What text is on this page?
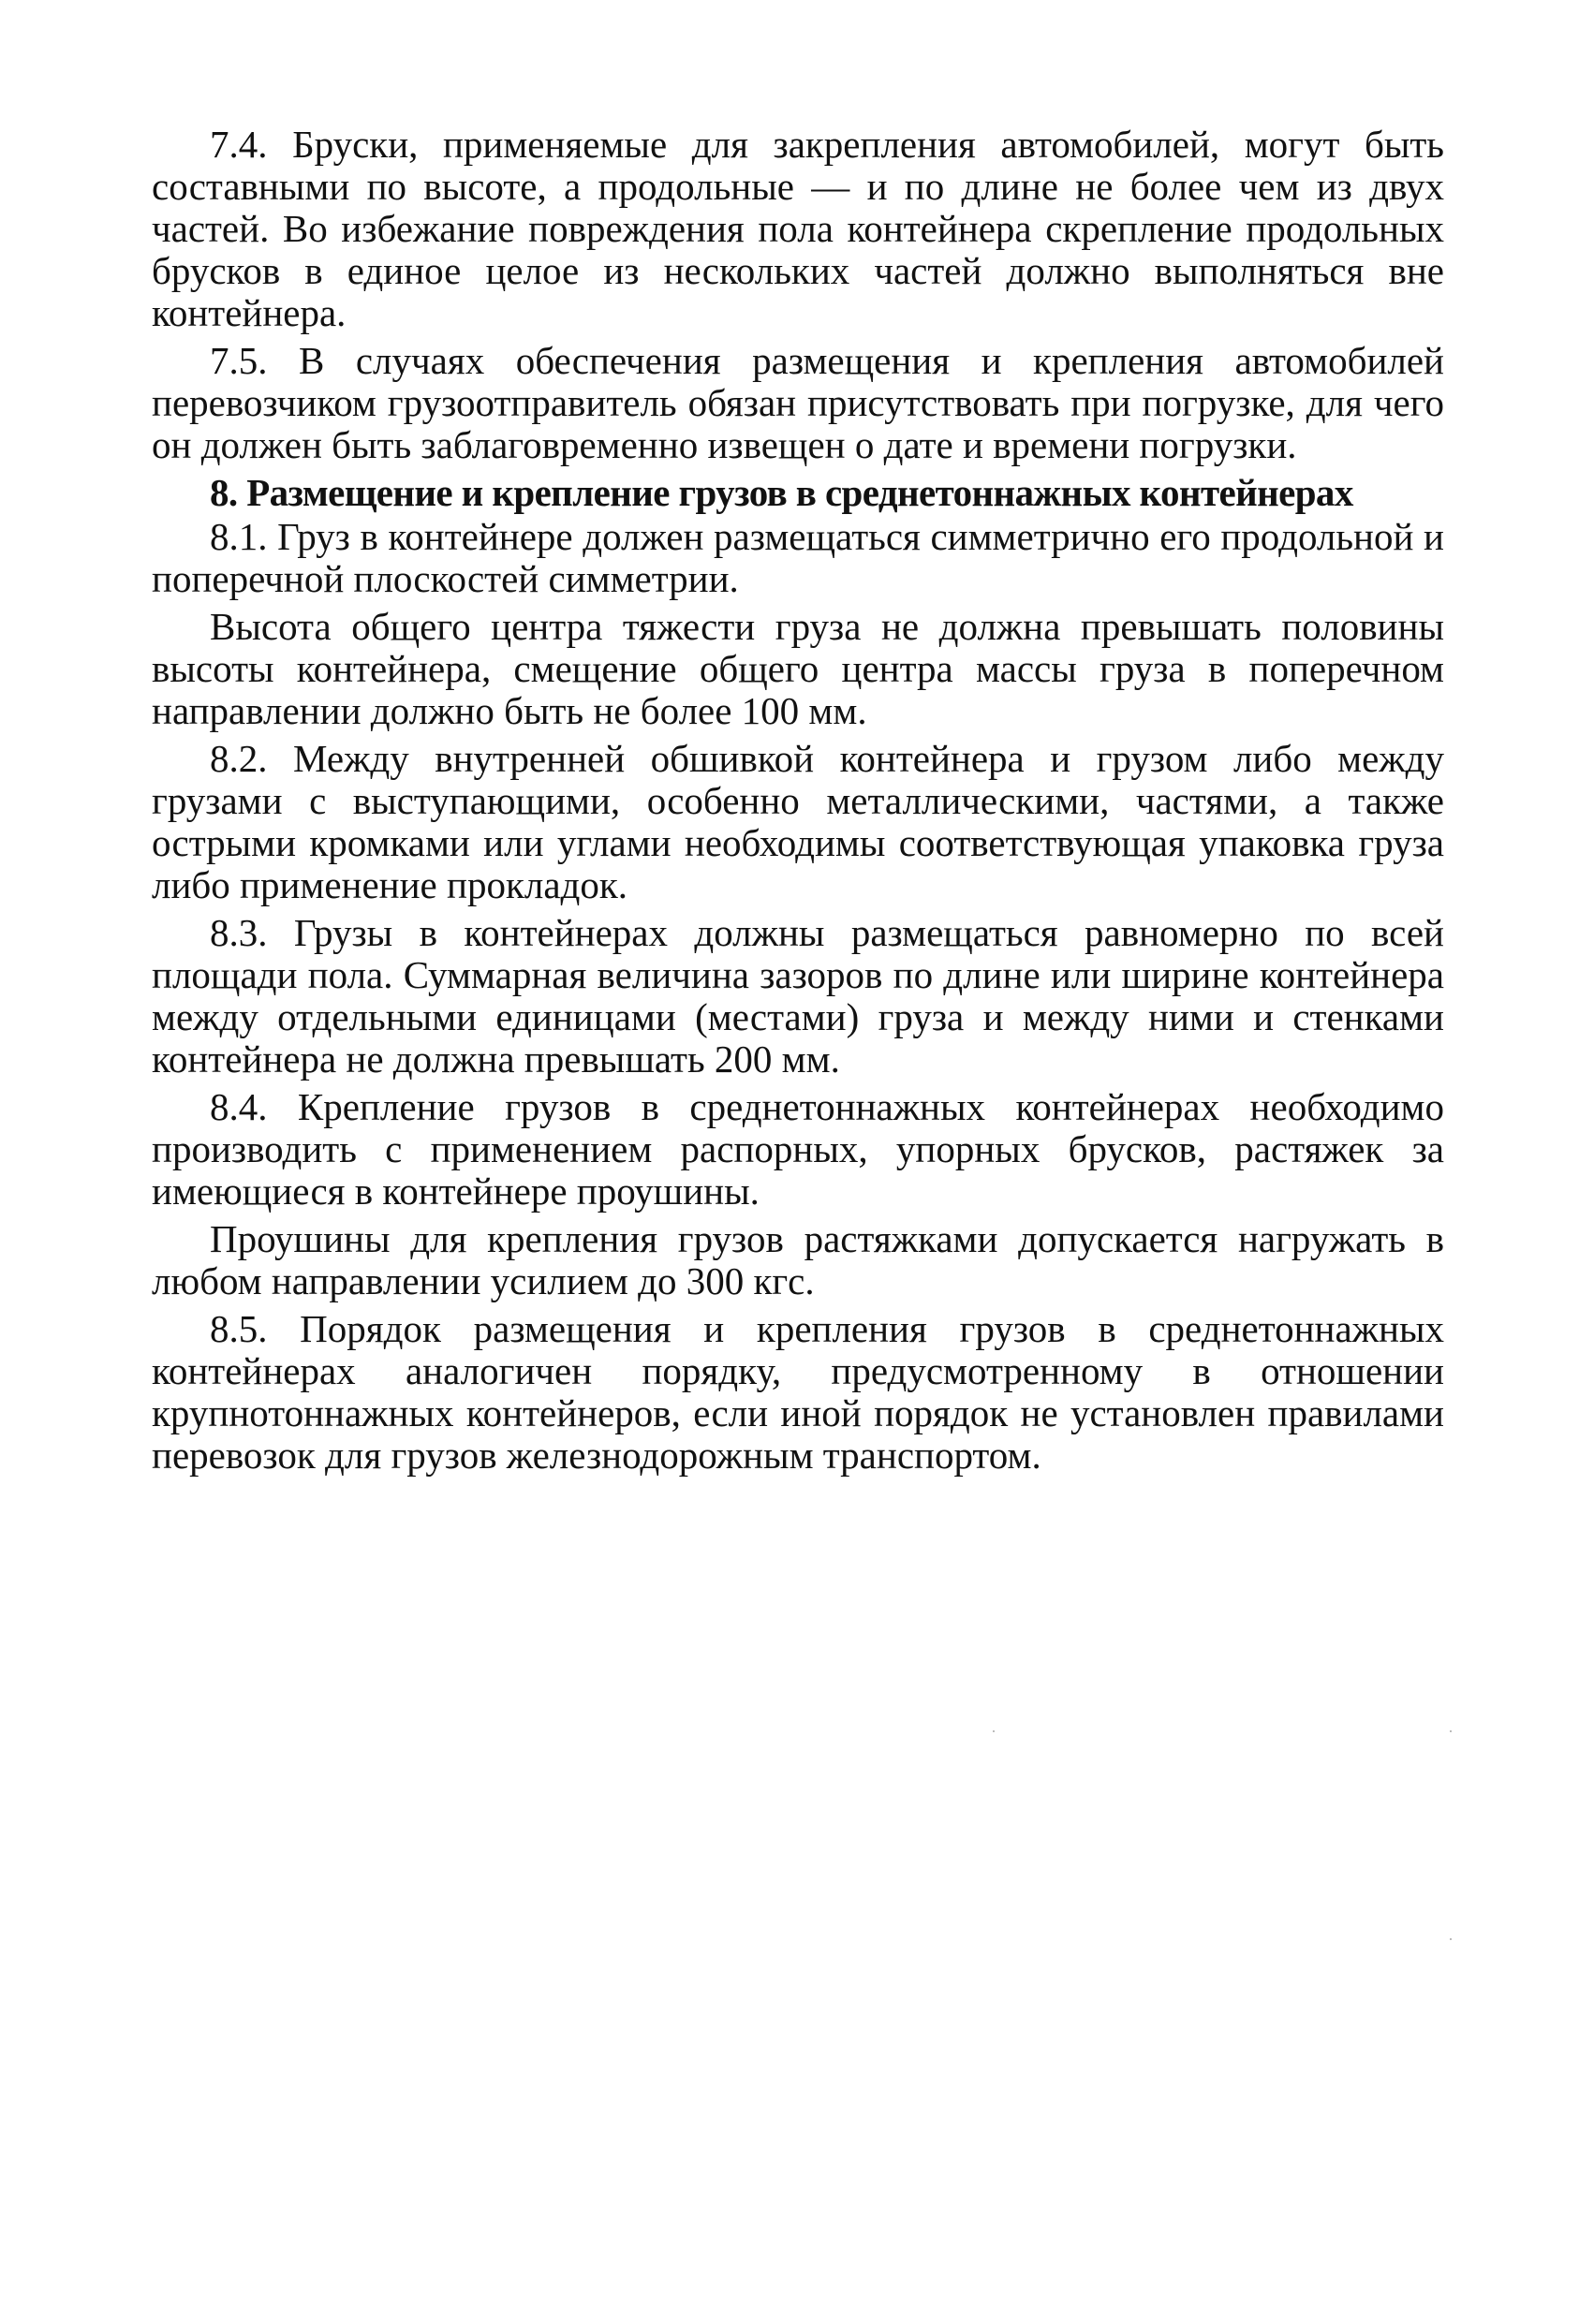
7.4. Бруски, применяемые для закрепления автомобилей, могут быть составными по высоте, а продольные — и по длине не более чем из двух частей. Во избежание повреждения пола контейнера скрепление продольных брусков в единое целое из нескольких частей должно выполняться вне контейнера.

7.5. В случаях обеспечения размещения и крепления автомобилей перевозчиком грузоотправитель обязан присутствовать при погрузке, для чего он должен быть заблаговременно извещен о дате и времени погрузки.

8. Размещение и крепление грузов в среднетоннажных контейнерах

8.1. Груз в контейнере должен размещаться симметрично его продольной и поперечной плоскостей симметрии.

Высота общего центра тяжести груза не должна превышать половины высоты контейнера, смещение общего центра массы груза в поперечном направлении должно быть не более 100 мм.

8.2. Между внутренней обшивкой контейнера и грузом либо между грузами с выступающими, особенно металлическими, частями, а также острыми кромками или углами необходимы соответствующая упаковка груза либо применение прокладок.

8.3. Грузы в контейнерах должны размещаться равномерно по всей площади пола. Суммарная величина зазоров по длине или ширине контейнера между отдельными единицами (местами) груза и между ними и стенками контейнера не должна превышать 200 мм.

8.4. Крепление грузов в среднетоннажных контейнерах необходимо производить с применением распорных, упорных брусков, растяжек за имеющиеся в контейнере проушины.

Проушины для крепления грузов растяжками допускается нагружать в любом направлении усилием до 300 кгс.

8.5. Порядок размещения и крепления грузов в среднетоннажных контейнерах аналогичен порядку, предусмотренному в отношении крупнотоннажных контейнеров, если иной порядок не установлен правилами перевозок для грузов железнодорожным транспортом.
